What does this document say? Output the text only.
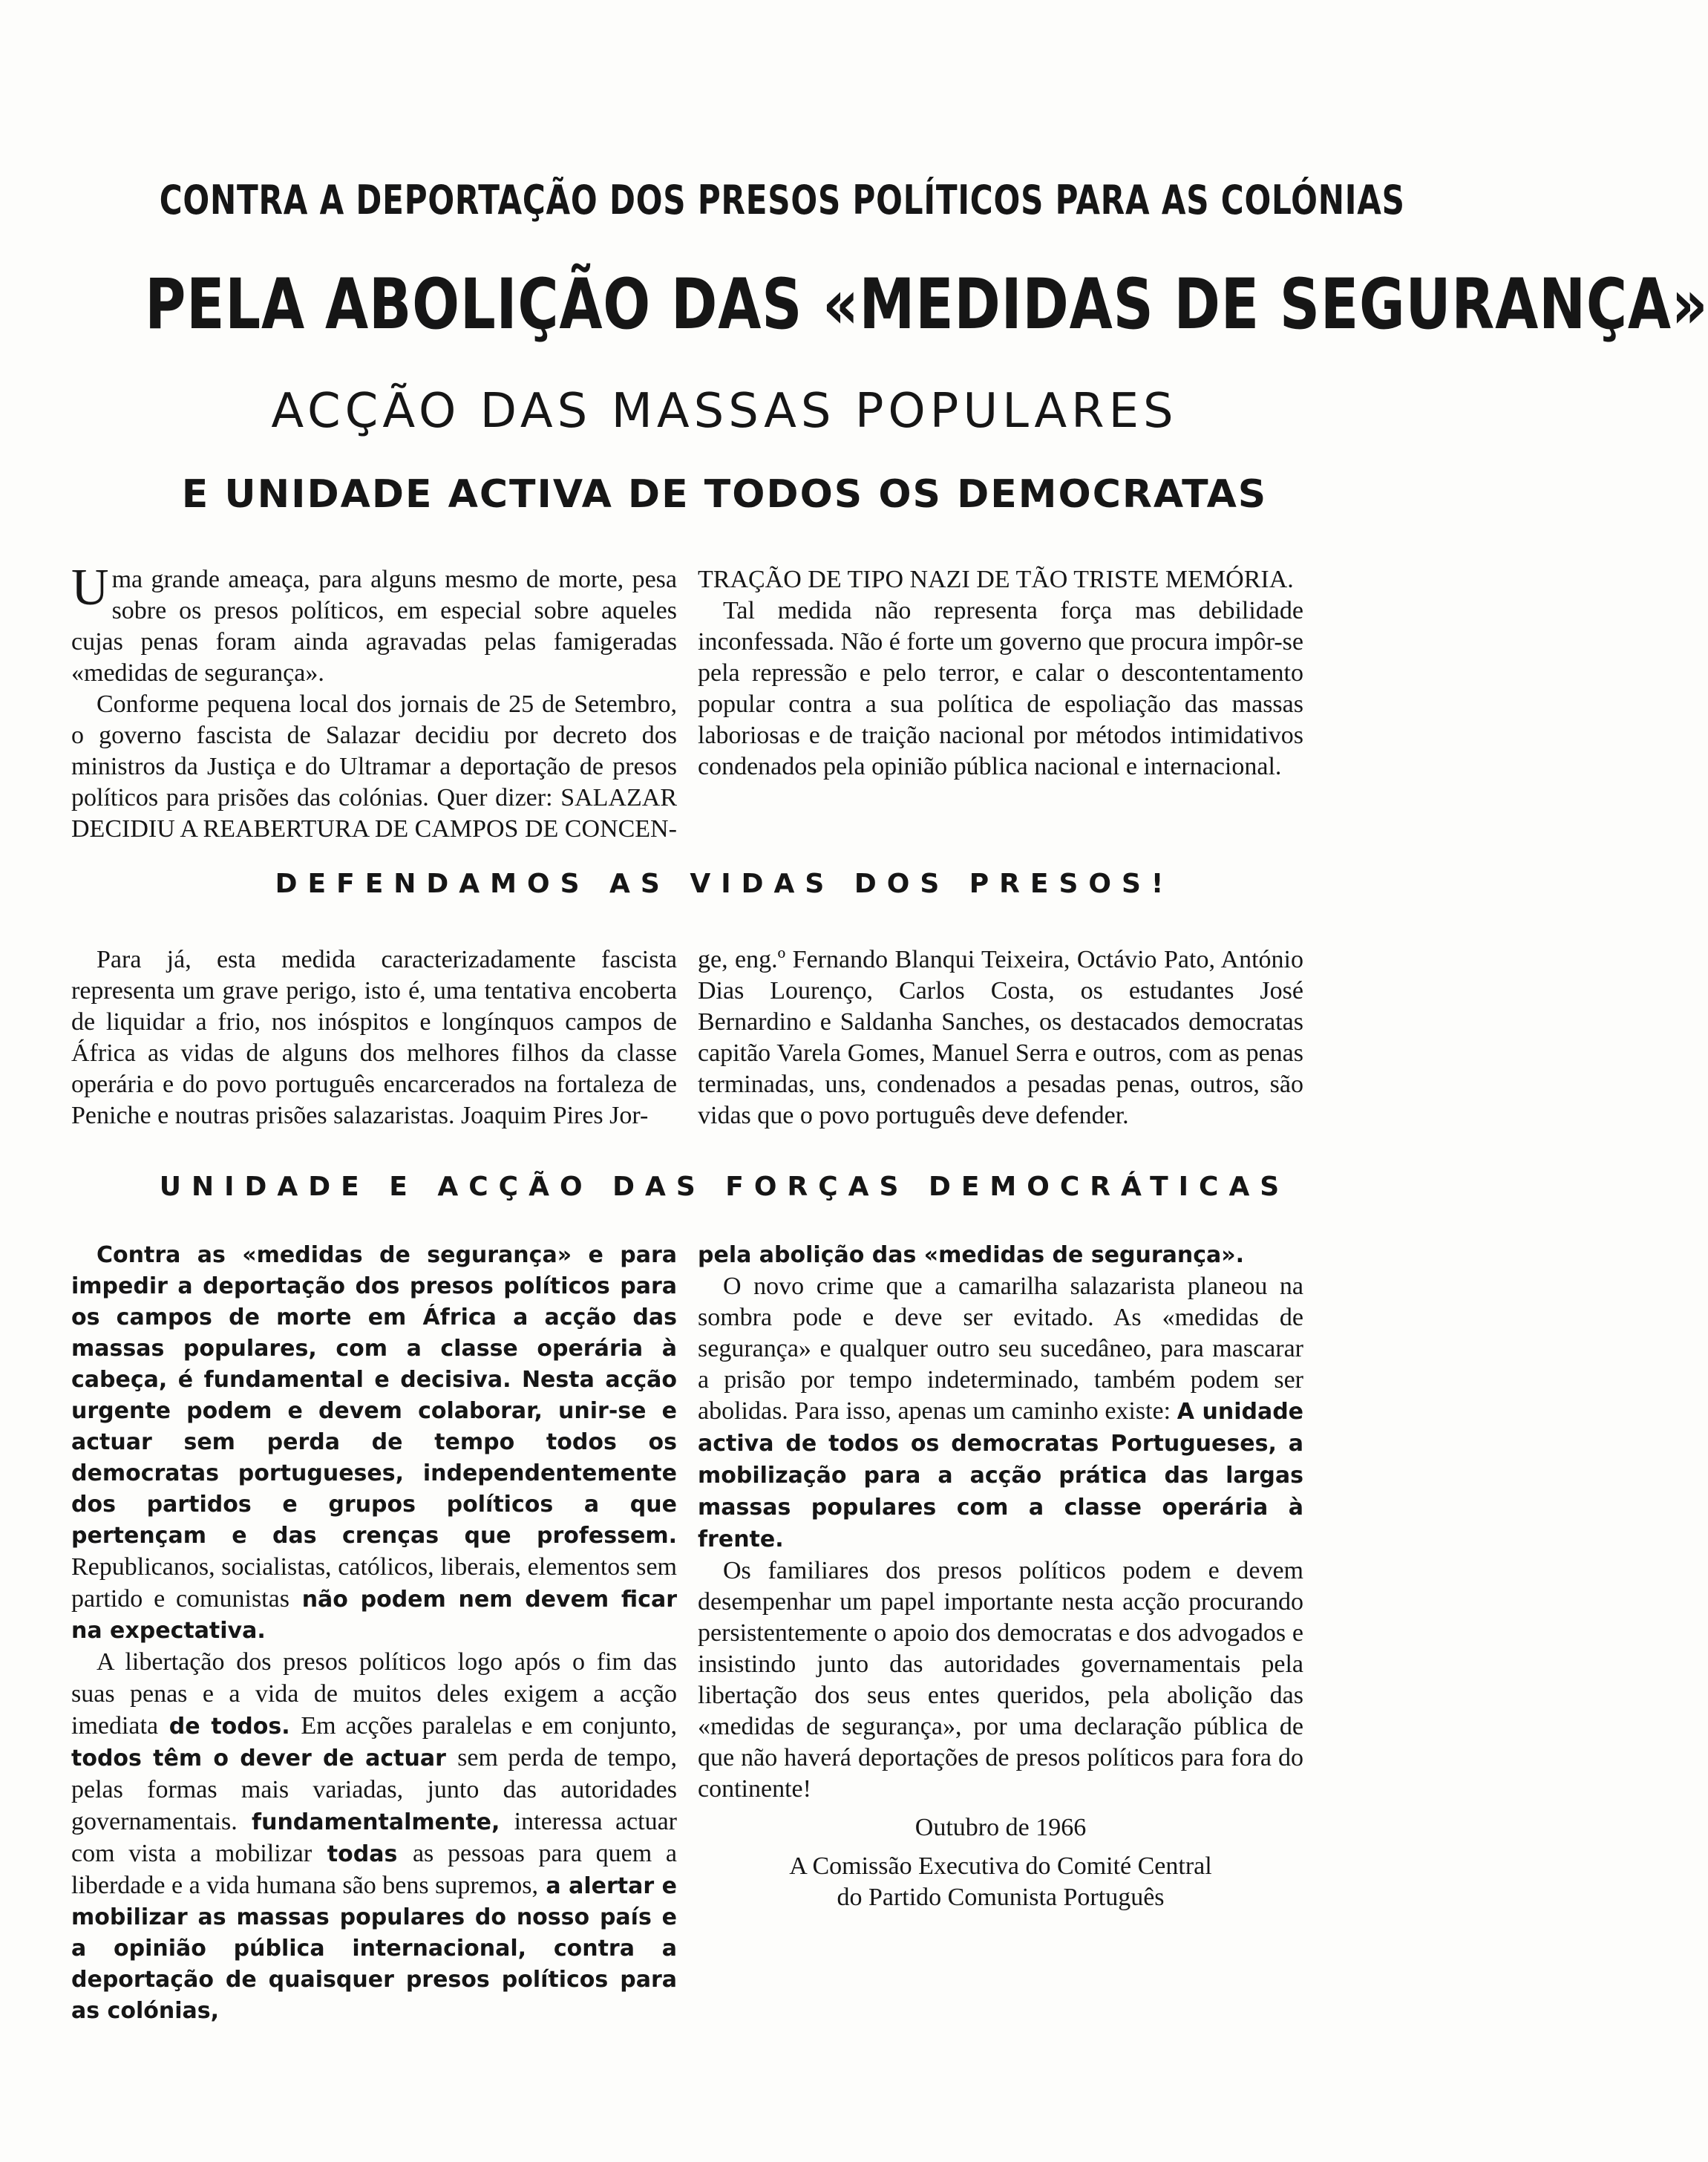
CONTRA A DEPORTAÇÃO DOS PRESOS POLÍTICOS PARA AS COLÓNIAS
PELA ABOLIÇÃO DAS «MEDIDAS DE SEGURANÇA»
ACÇÃO DAS MASSAS POPULARES
E UNIDADE ACTIVA DE TODOS OS DEMOCRATAS

Uma grande ameaça, para alguns mesmo de morte, pesa sobre os presos políticos, em especial sobre aqueles cujas penas foram ainda agravadas pelas famigeradas «medidas de segurança».

Conforme pequena local dos jornais de 25 de Setembro, o governo fascista de Salazar decidiu por decreto dos ministros da Justiça e do Ultramar a deportação de presos políticos para prisões das colónias. Quer dizer: SALAZAR DECIDIU A REABERTURA DE CAMPOS DE CONCEN-

TRAÇÃO DE TIPO NAZI DE TÃO TRISTE MEMÓRIA.

Tal medida não representa força mas debilidade inconfessada. Não é forte um governo que procura impôr-se pela repressão e pelo terror, e calar o descontentamento popular contra a sua política de espoliação das massas laboriosas e de traição nacional por métodos intimidativos condenados pela opinião pública nacional e internacional.

DEFENDAMOS AS VIDAS DOS PRESOS!

Para já, esta medida caracterizadamente fascista representa um grave perigo, isto é, uma tentativa encoberta de liquidar a frio, nos inóspitos e longínquos campos de África as vidas de alguns dos melhores filhos da classe operária e do povo português encarcerados na fortaleza de Peniche e noutras prisões salazaristas. Joaquim Pires Jor-

ge, eng.º Fernando Blanqui Teixeira, Octávio Pato, António Dias Lourenço, Carlos Costa, os estudantes José Bernardino e Saldanha Sanches, os destacados democratas capitão Varela Gomes, Manuel Serra e outros, com as penas terminadas, uns, condenados a pesadas penas, outros, são vidas que o povo português deve defender.

UNIDADE E ACÇÃO DAS FORÇAS DEMOCRÁTICAS

Contra as «medidas de segurança» e para impedir a deportação dos presos políticos para os campos de morte em África a acção das massas populares, com a classe operária à cabeça, é fundamental e decisiva. Nesta acção urgente podem e devem colaborar, unir-se e actuar sem perda de tempo todos os democratas portugueses, independentemente dos partidos e grupos políticos a que pertençam e das crenças que professem. Republicanos, socialistas, católicos, liberais, elementos sem partido e comunistas não podem nem devem ficar na expectativa.

A libertação dos presos políticos logo após o fim das suas penas e a vida de muitos deles exigem a acção imediata de todos. Em acções paralelas e em conjunto, todos têm o dever de actuar sem perda de tempo, pelas formas mais variadas, junto das autoridades governamentais. fundamentalmente, interessa actuar com vista a mobilizar todas as pessoas para quem a liberdade e a vida humana são bens supremos, a alertar e mobilizar as massas populares do nosso país e a opinião pública internacional, contra a deportação de quaisquer presos políticos para as colónias,

pela abolição das «medidas de segurança».

O novo crime que a camarilha salazarista planeou na sombra pode e deve ser evitado. As «medidas de segurança» e qualquer outro seu sucedâneo, para mascarar a prisão por tempo indeterminado, também podem ser abolidas. Para isso, apenas um caminho existe: A unidade activa de todos os democratas Portugueses, a mobilização para a acção prática das largas massas populares com a classe operária à frente.

Os familiares dos presos políticos podem e devem desempenhar um papel importante nesta acção procurando persistentemente o apoio dos democratas e dos advogados e insistindo junto das autoridades governamentais pela libertação dos seus entes queridos, pela abolição das «medidas de segurança», por uma declaração pública de que não haverá deportações de presos políticos para fora do continente!

Outubro de 1966

A Comissão Executiva do Comité Central

do Partido Comunista Português
